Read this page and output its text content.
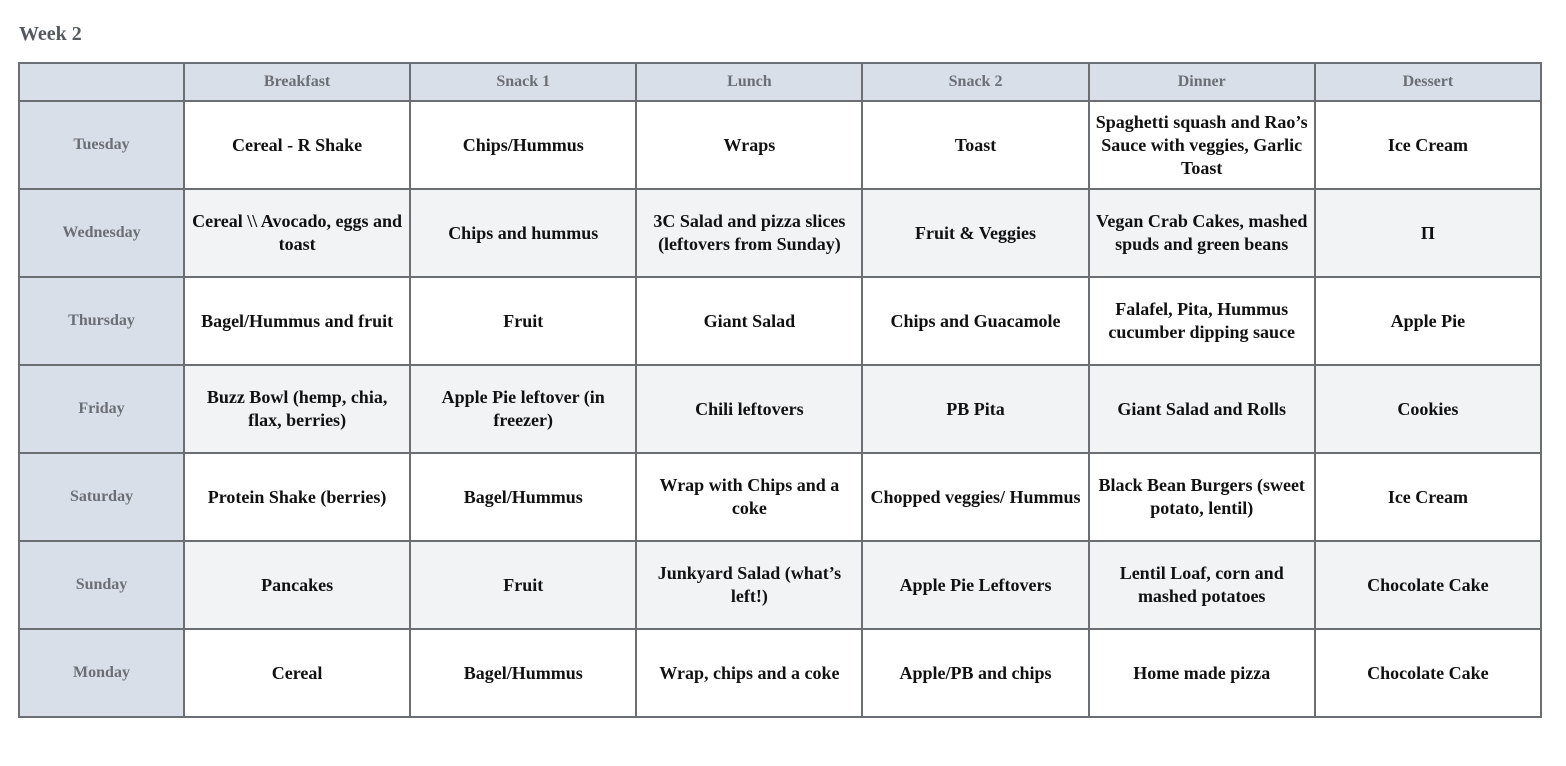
Week 2
	Breakfast	Snack 1	Lunch	Snack 2	Dinner	Dessert
Tuesday	Cereal - R Shake	Chips/Hummus	Wraps	Toast	Spaghetti squash and Rao’s Sauce with veggies, Garlic Toast	Ice Cream
Wednesday	Cereal \\ Avocado, eggs and toast	Chips and hummus	3C Salad and pizza slices (leftovers from Sunday)	Fruit & Veggies	Vegan Crab Cakes, mashed spuds and green beans	Π
Thursday	Bagel/Hummus and fruit	Fruit	Giant Salad	Chips and Guacamole	Falafel, Pita, Hummus cucumber dipping sauce	Apple Pie
Friday	Buzz Bowl (hemp, chia, flax, berries)	Apple Pie leftover (in freezer)	Chili leftovers	PB Pita	Giant Salad and Rolls	Cookies
Saturday	Protein Shake (berries)	Bagel/Hummus	Wrap with Chips and a coke	Chopped veggies/ Hummus	Black Bean Burgers (sweet potato, lentil)	Ice Cream
Sunday	Pancakes	Fruit	Junkyard Salad (what’s left!)	Apple Pie Leftovers	Lentil Loaf, corn and mashed potatoes	Chocolate Cake
Monday	Cereal	Bagel/Hummus	Wrap, chips and a coke	Apple/PB and chips	Home made pizza	Chocolate Cake
